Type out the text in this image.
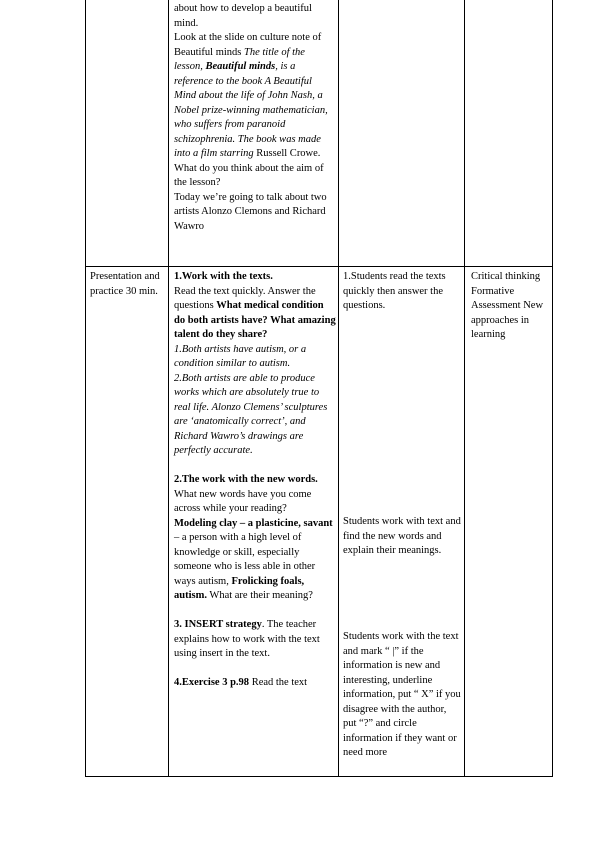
about how to develop a beautiful mind.

Look at the slide on culture note of Beautiful minds The title of the lesson, Beautiful minds, is a reference to the book A Beautiful Mind about the life of John Nash, a Nobel prize-winning mathematician, who suffers from paranoid schizophrenia. The book was made into a film starring Russell Crowe. What do you think about the aim of the lesson?

Today we’re going to talk about two artists Alonzo Clemons and Richard Wawro

Presentation and practice 30 min.

1.Work with the texts.
Read the text quickly. Answer the questions What medical condition do both artists have? What amazing talent do they share?

1.Both artists have autism, or a condition similar to autism.

2.Both artists are able to produce works which are absolutely true to real life. Alonzo Clemens’ sculptures are ‘anatomically correct’, and Richard Wawro’s drawings are perfectly accurate.

2.The work with the new words. What new words have you come across while your reading?

Modeling clay – a plasticine, savant – a person with a high level of knowledge or skill, especially someone who is less able in other ways autism, Frolicking foals, autism. What are their meaning?

3. INSERT strategy. The teacher explains how to work with the text using insert in the text.

4.Exercise 3 p.98 Read the text

1.Students read the texts quickly then answer the questions.

Students work with text and find the new words and explain their meanings.

Students work with the text and mark “ |” if the information is new and interesting, underline information, put “ X” if you disagree with the author, put “?” and circle information if they want or need more

Critical thinking Formative Assessment New approaches in learning
